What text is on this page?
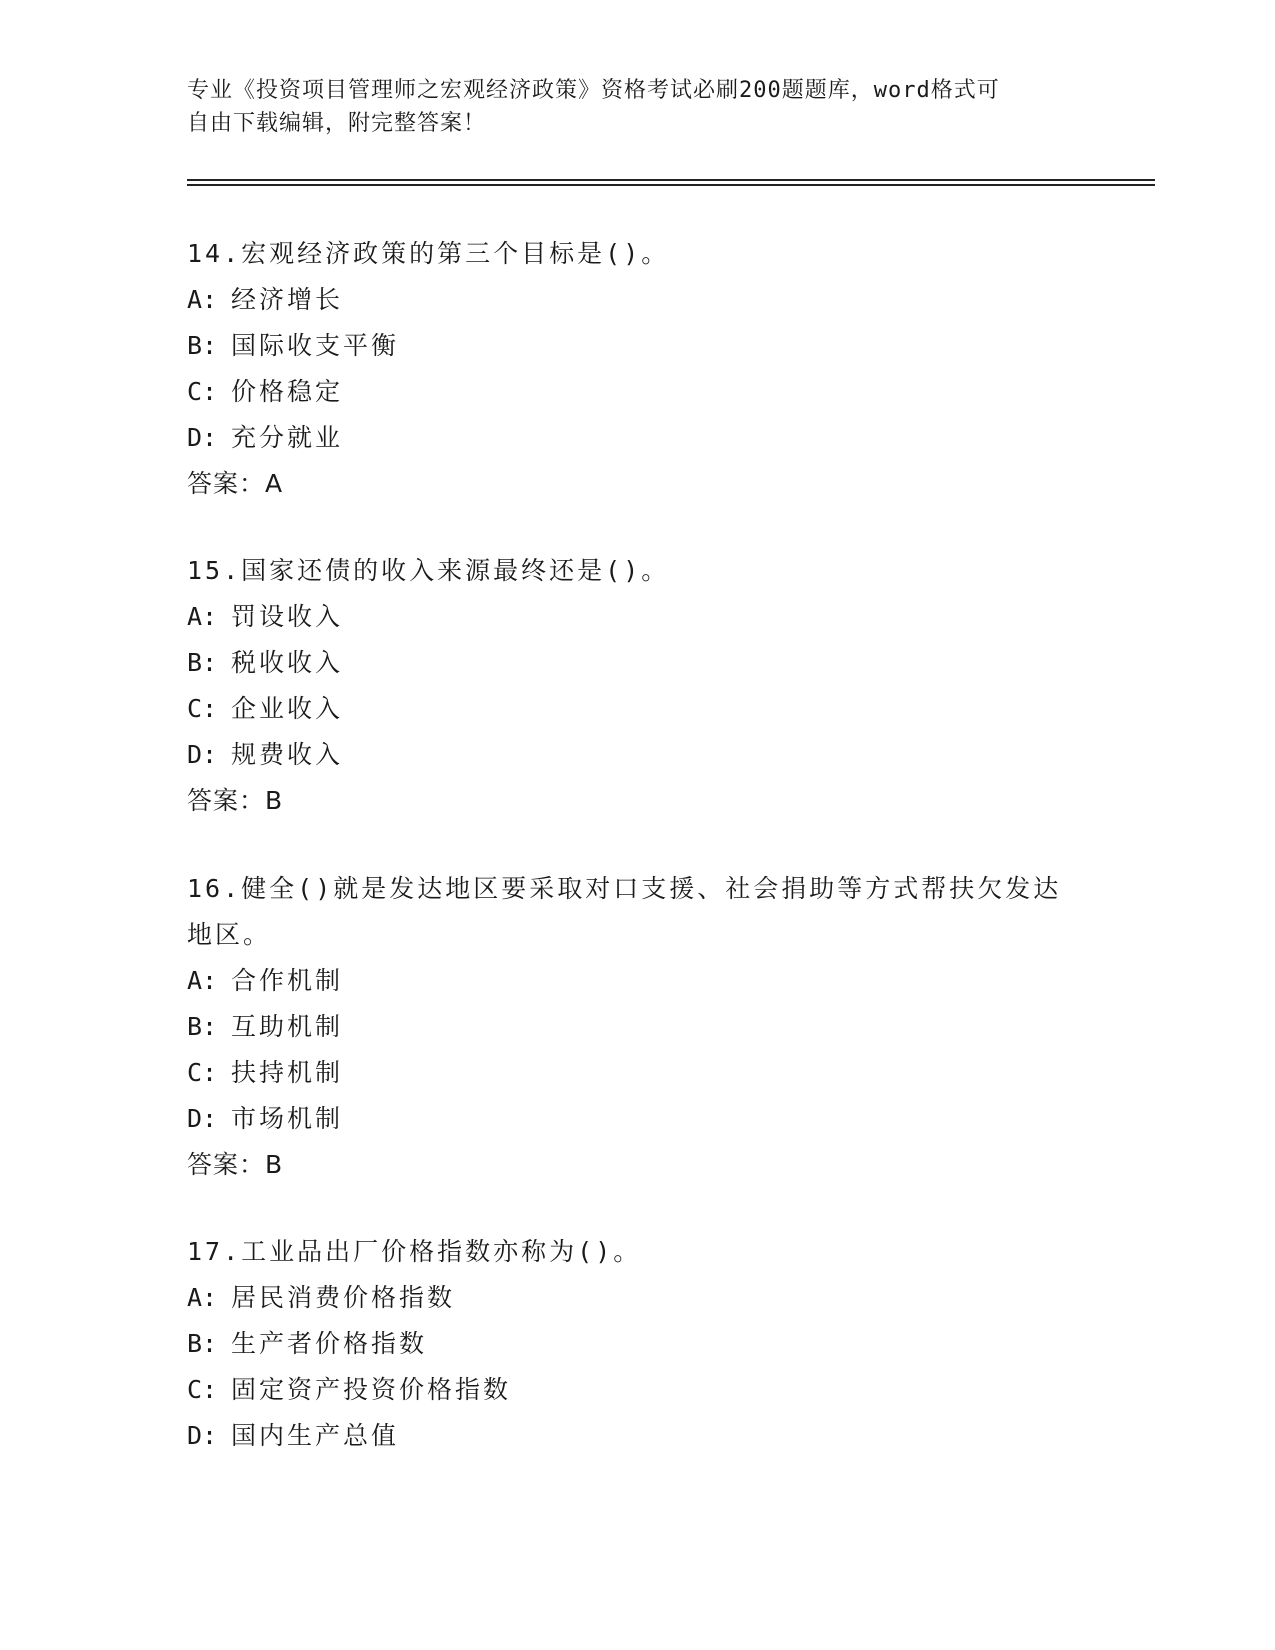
专业《投资项目管理师之宏观经济政策》资格考试必刷200题题库，word格式可
自由下载编辑，附完整答案！

14.宏观经济政策的第三个目标是()。

A: 经济增长

B: 国际收支平衡

C: 价格稳定

D: 充分就业

答案：A

15.国家还债的收入来源最终还是()。

A: 罚设收入

B: 税收收入

C: 企业收入

D: 规费收入

答案：B

16.健全()就是发达地区要采取对口支援、社会捐助等方式帮扶欠发达

地区。

A: 合作机制

B: 互助机制

C: 扶持机制

D: 市场机制

答案：B

17.工业品出厂价格指数亦称为()。

A: 居民消费价格指数

B: 生产者价格指数

C: 固定资产投资价格指数

D: 国内生产总值
